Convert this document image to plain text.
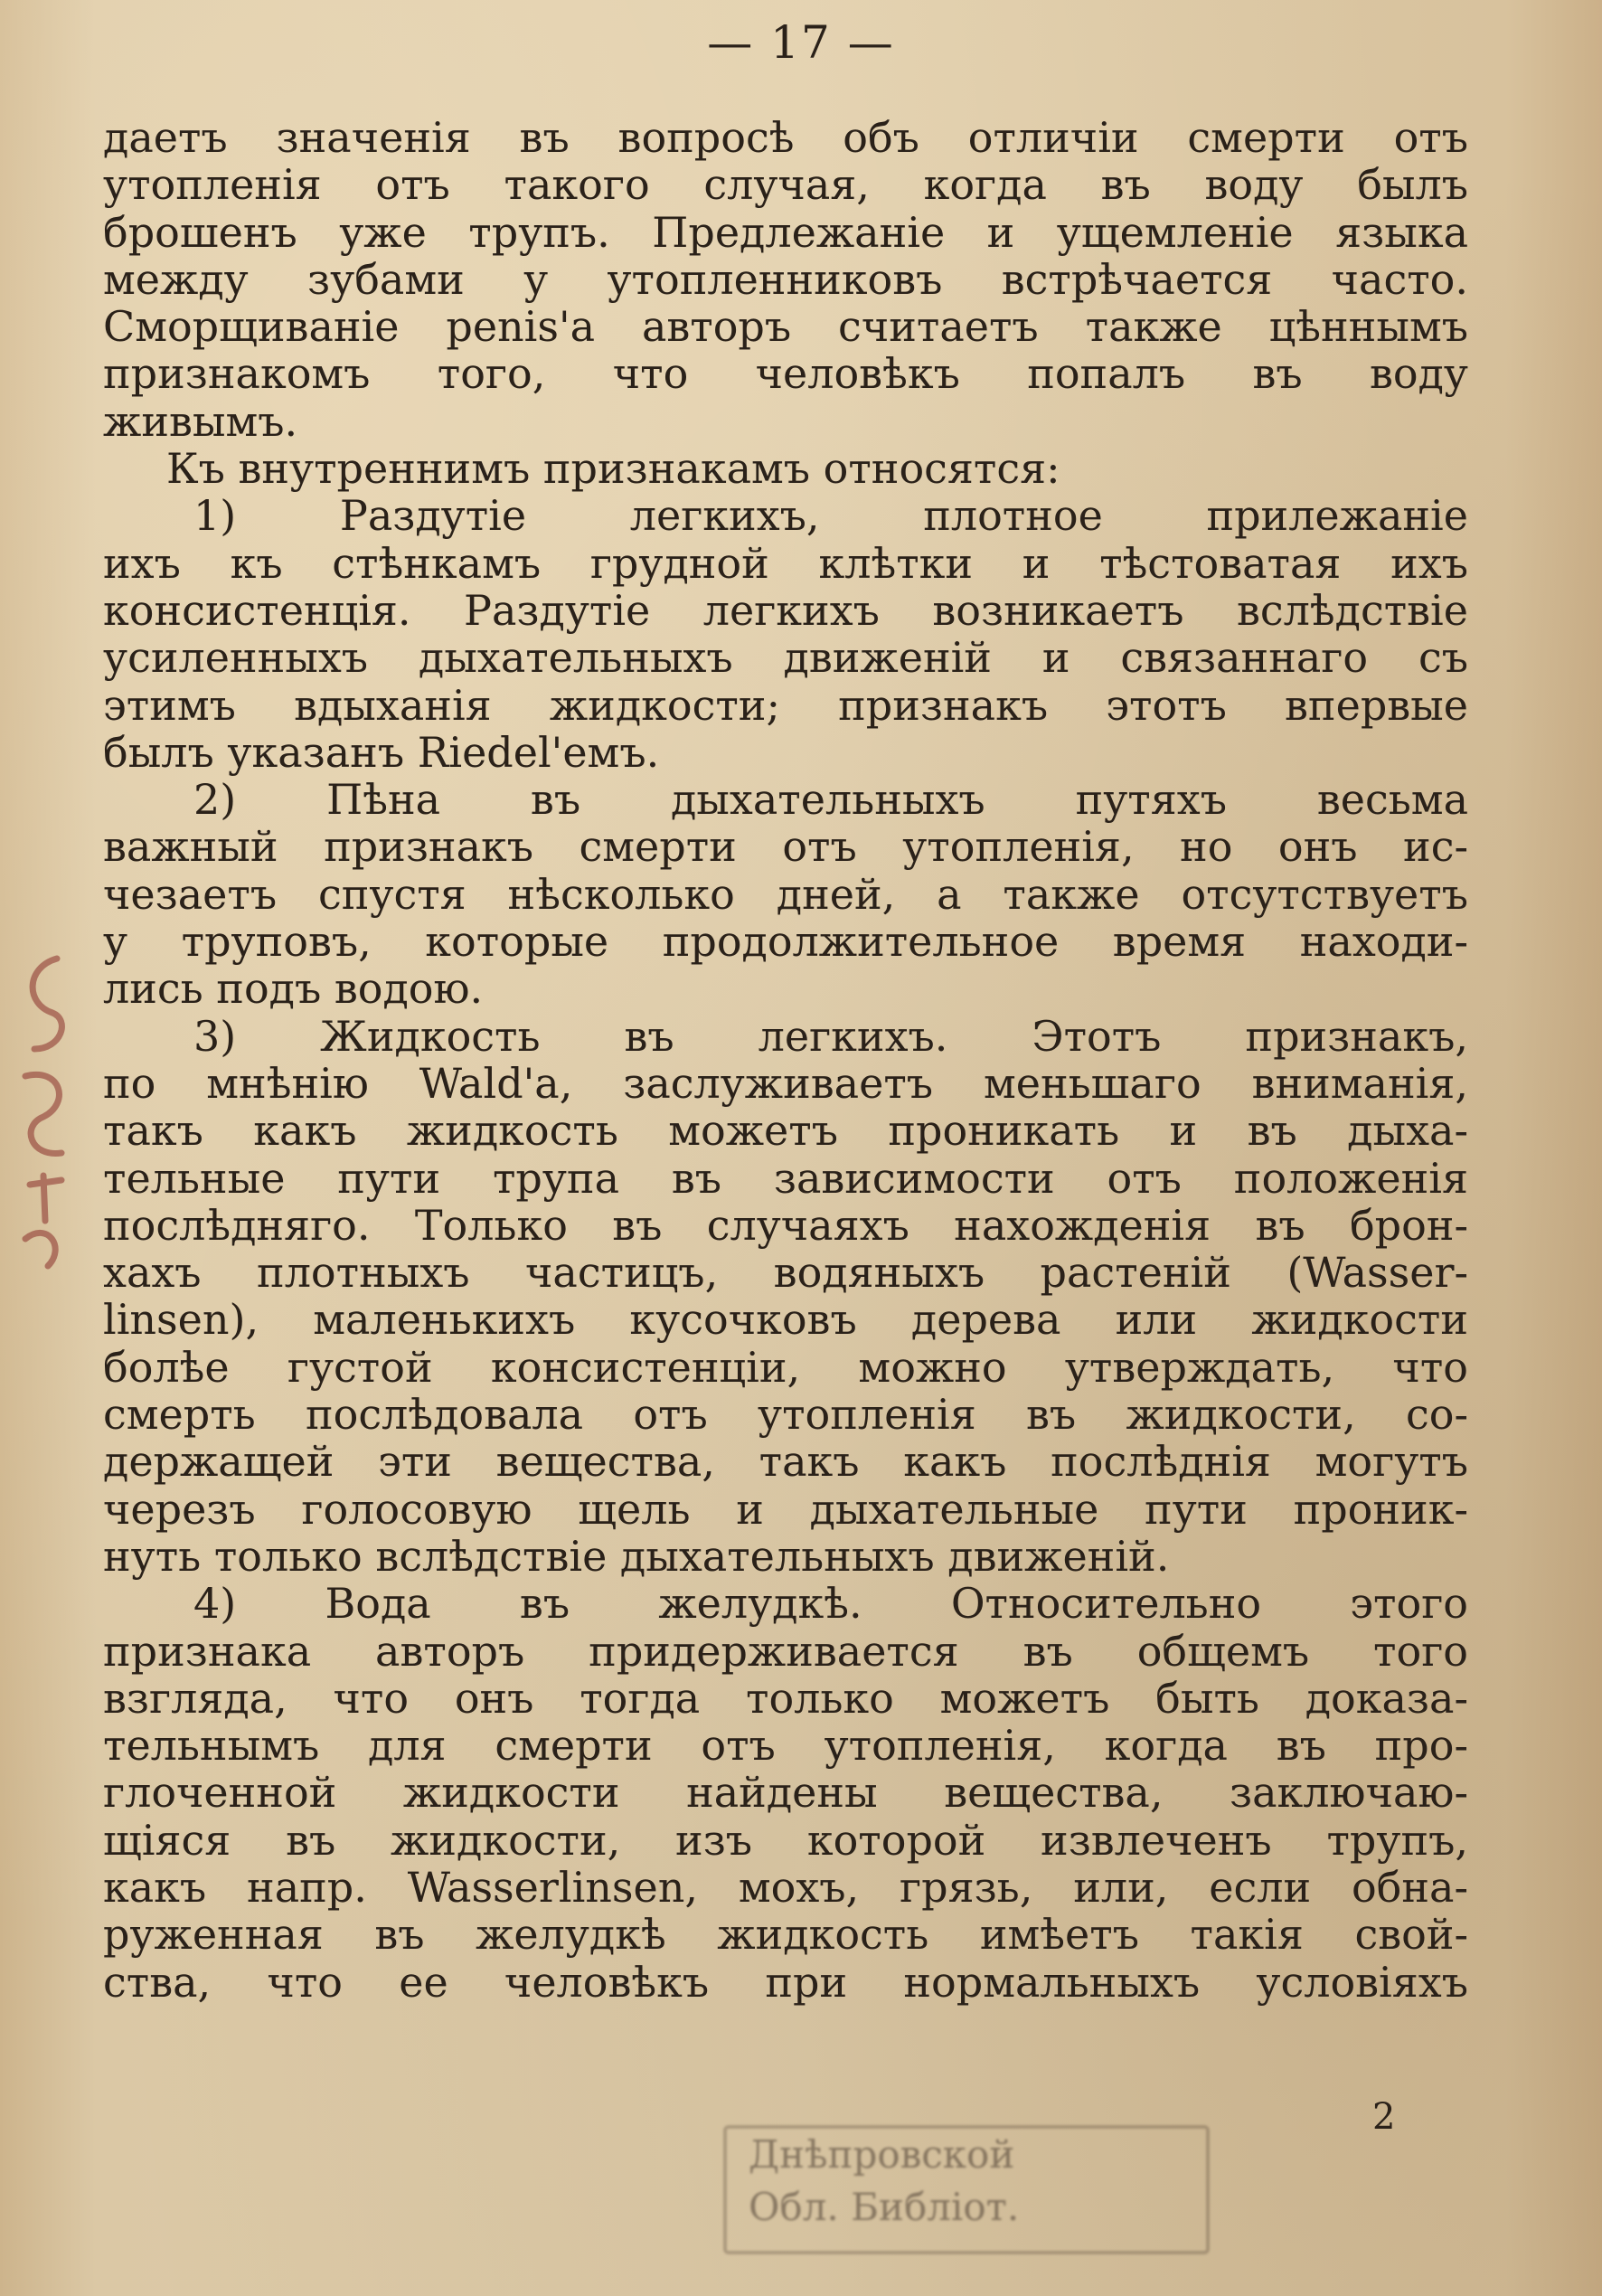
— 17 —
даетъ значенія въ вопросѣ объ отличіи смерти отъ
утопленія отъ такого случая, когда въ воду былъ
брошенъ уже трупъ. Предлежаніе и ущемленіе языка
между зубами у утопленниковъ встрѣчается часто.
Сморщиваніе penis'a авторъ считаетъ также цѣннымъ
признакомъ того, что человѣкъ попалъ въ воду
живымъ.
Къ внутреннимъ признакамъ относятся:
1) Раздутіе легкихъ, плотное прилежаніе
ихъ къ стѣнкамъ грудной клѣтки и тѣстоватая ихъ
консистенція. Раздутіе легкихъ возникаетъ вслѣдствіе
усиленныхъ дыхательныхъ движеній и связаннаго съ
этимъ вдыханія жидкости; признакъ этотъ впервые
былъ указанъ Riedel'емъ.
2) Пѣна въ дыхательныхъ путяхъ весьма
важный признакъ смерти отъ утопленія, но онъ ис-
чезаетъ спустя нѣсколько дней, а также отсутствуетъ
у труповъ, которые продолжительное время находи-
лись подъ водою.
3) Жидкость въ легкихъ. Этотъ признакъ,
по мнѣнію Wald'a, заслуживаетъ меньшаго вниманія,
такъ какъ жидкость можетъ проникать и въ дыха-
тельные пути трупа въ зависимости отъ положенія
послѣдняго. Только въ случаяхъ нахожденія въ брон-
хахъ плотныхъ частицъ, водяныхъ растеній (Wasser-
linsen), маленькихъ кусочковъ дерева или жидкости
болѣе густой консистенціи, можно утверждать, что
смерть послѣдовала отъ утопленія въ жидкости, со-
держащей эти вещества, такъ какъ послѣднія могутъ
черезъ голосовую щель и дыхательные пути проник-
нуть только вслѣдствіе дыхательныхъ движеній.
4) Вода въ желудкѣ. Относительно этого
признака авторъ придерживается въ общемъ того
взгляда, что онъ тогда только можетъ быть доказа-
тельнымъ для смерти отъ утопленія, когда въ про-
глоченной жидкости найдены вещества, заключаю-
щіяся въ жидкости, изъ которой извлеченъ трупъ,
какъ напр. Wasserlinsen, мохъ, грязь, или, если обна-
руженная въ желудкѣ жидкость имѣетъ такія свой-
ства, что ее человѣкъ при нормальныхъ условіяхъ
2
Днѣпровской
Обл. Библіот.
